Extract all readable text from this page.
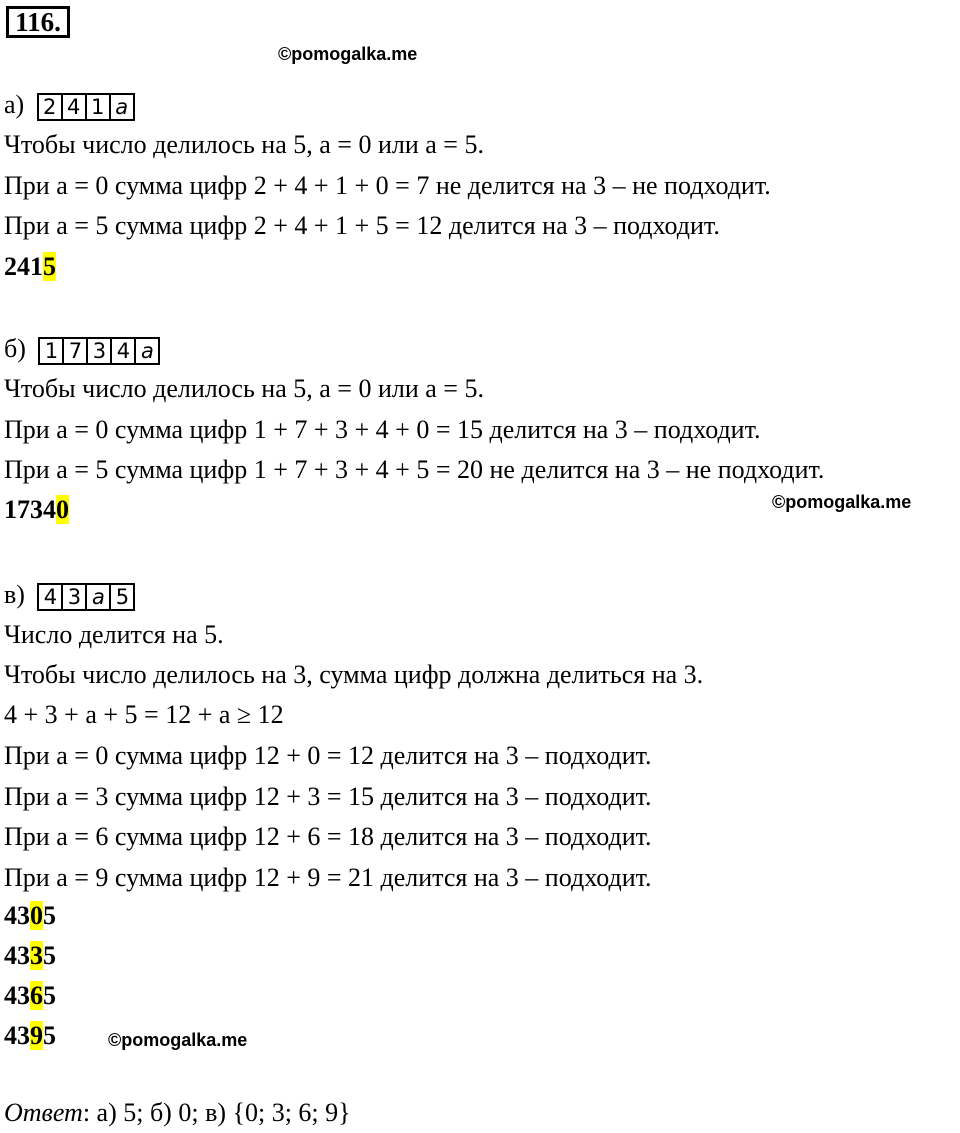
116.
©pomogalka.me
а) 2 4 1 a
Чтобы число делилось на 5, a = 0 или a = 5.
При a = 0 сумма цифр 2 + 4 + 1 + 0 = 7 не делится на 3 – не подходит.
При a = 5 сумма цифр 2 + 4 + 1 + 5 = 12 делится на 3 – подходит.
2415
б) 1 7 3 4 a
Чтобы число делилось на 5, a = 0 или a = 5.
При a = 0 сумма цифр 1 + 7 + 3 + 4 + 0 = 15 делится на 3 – подходит.
При a = 5 сумма цифр 1 + 7 + 3 + 4 + 5 = 20 не делится на 3 – не подходит.
17340	©pomogalka.me
в) 4 3 a 5
Число делится на 5.
Чтобы число делилось на 3, сумма цифр должна делиться на 3.
4 + 3 + a + 5 = 12 + a ≥ 12
При a = 0 сумма цифр 12 + 0 = 12 делится на 3 – подходит.
При a = 3 сумма цифр 12 + 3 = 15 делится на 3 – подходит.
При a = 6 сумма цифр 12 + 6 = 18 делится на 3 – подходит.
При a = 9 сумма цифр 12 + 9 = 21 делится на 3 – подходит.
4305
4335
4365
4395	©pomogalka.me
Ответ: а) 5; б) 0; в) {0; 3; 6; 9}
